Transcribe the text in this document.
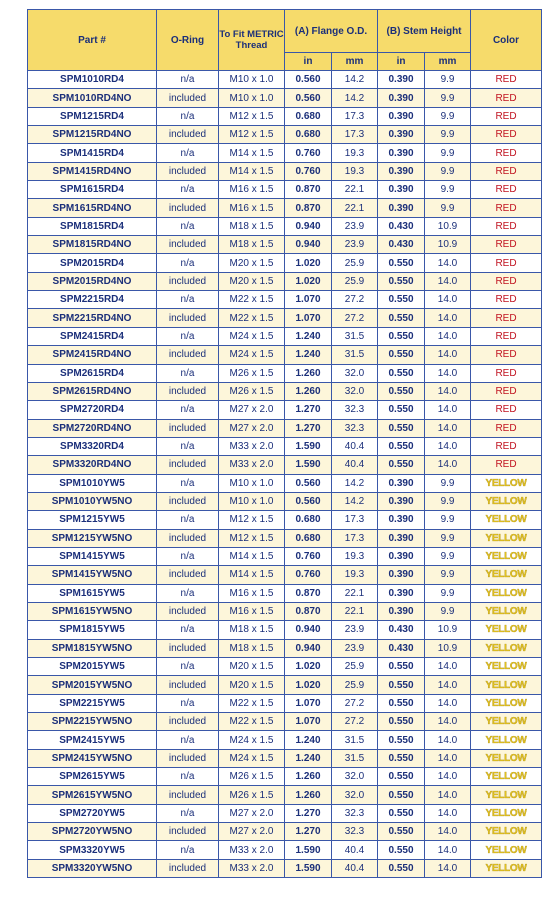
Part #	O-Ring	To Fit METRIC Thread	(A) Flange O.D.		(B) Stem Height		Color
			in	mm	in	mm	
SPM1010RD4	n/a	M10 x 1.0	0.560	14.2	0.390	9.9	RED
SPM1010RD4NO	included	M10 x 1.0	0.560	14.2	0.390	9.9	RED
SPM1215RD4	n/a	M12 x 1.5	0.680	17.3	0.390	9.9	RED
SPM1215RD4NO	included	M12 x 1.5	0.680	17.3	0.390	9.9	RED
SPM1415RD4	n/a	M14 x 1.5	0.760	19.3	0.390	9.9	RED
SPM1415RD4NO	included	M14 x 1.5	0.760	19.3	0.390	9.9	RED
SPM1615RD4	n/a	M16 x 1.5	0.870	22.1	0.390	9.9	RED
SPM1615RD4NO	included	M16 x 1.5	0.870	22.1	0.390	9.9	RED
SPM1815RD4	n/a	M18 x 1.5	0.940	23.9	0.430	10.9	RED
SPM1815RD4NO	included	M18 x 1.5	0.940	23.9	0.430	10.9	RED
SPM2015RD4	n/a	M20 x 1.5	1.020	25.9	0.550	14.0	RED
SPM2015RD4NO	included	M20 x 1.5	1.020	25.9	0.550	14.0	RED
SPM2215RD4	n/a	M22 x 1.5	1.070	27.2	0.550	14.0	RED
SPM2215RD4NO	included	M22 x 1.5	1.070	27.2	0.550	14.0	RED
SPM2415RD4	n/a	M24 x 1.5	1.240	31.5	0.550	14.0	RED
SPM2415RD4NO	included	M24 x 1.5	1.240	31.5	0.550	14.0	RED
SPM2615RD4	n/a	M26 x 1.5	1.260	32.0	0.550	14.0	RED
SPM2615RD4NO	included	M26 x 1.5	1.260	32.0	0.550	14.0	RED
SPM2720RD4	n/a	M27 x 2.0	1.270	32.3	0.550	14.0	RED
SPM2720RD4NO	included	M27 x 2.0	1.270	32.3	0.550	14.0	RED
SPM3320RD4	n/a	M33 x 2.0	1.590	40.4	0.550	14.0	RED
SPM3320RD4NO	included	M33 x 2.0	1.590	40.4	0.550	14.0	RED
SPM1010YW5	n/a	M10 x 1.0	0.560	14.2	0.390	9.9	YELLOW
SPM1010YW5NO	included	M10 x 1.0	0.560	14.2	0.390	9.9	YELLOW
SPM1215YW5	n/a	M12 x 1.5	0.680	17.3	0.390	9.9	YELLOW
SPM1215YW5NO	included	M12 x 1.5	0.680	17.3	0.390	9.9	YELLOW
SPM1415YW5	n/a	M14 x 1.5	0.760	19.3	0.390	9.9	YELLOW
SPM1415YW5NO	included	M14 x 1.5	0.760	19.3	0.390	9.9	YELLOW
SPM1615YW5	n/a	M16 x 1.5	0.870	22.1	0.390	9.9	YELLOW
SPM1615YW5NO	included	M16 x 1.5	0.870	22.1	0.390	9.9	YELLOW
SPM1815YW5	n/a	M18 x 1.5	0.940	23.9	0.430	10.9	YELLOW
SPM1815YW5NO	included	M18 x 1.5	0.940	23.9	0.430	10.9	YELLOW
SPM2015YW5	n/a	M20 x 1.5	1.020	25.9	0.550	14.0	YELLOW
SPM2015YW5NO	included	M20 x 1.5	1.020	25.9	0.550	14.0	YELLOW
SPM2215YW5	n/a	M22 x 1.5	1.070	27.2	0.550	14.0	YELLOW
SPM2215YW5NO	included	M22 x 1.5	1.070	27.2	0.550	14.0	YELLOW
SPM2415YW5	n/a	M24 x 1.5	1.240	31.5	0.550	14.0	YELLOW
SPM2415YW5NO	included	M24 x 1.5	1.240	31.5	0.550	14.0	YELLOW
SPM2615YW5	n/a	M26 x 1.5	1.260	32.0	0.550	14.0	YELLOW
SPM2615YW5NO	included	M26 x 1.5	1.260	32.0	0.550	14.0	YELLOW
SPM2720YW5	n/a	M27 x 2.0	1.270	32.3	0.550	14.0	YELLOW
SPM2720YW5NO	included	M27 x 2.0	1.270	32.3	0.550	14.0	YELLOW
SPM3320YW5	n/a	M33 x 2.0	1.590	40.4	0.550	14.0	YELLOW
SPM3320YW5NO	included	M33 x 2.0	1.590	40.4	0.550	14.0	YELLOW
